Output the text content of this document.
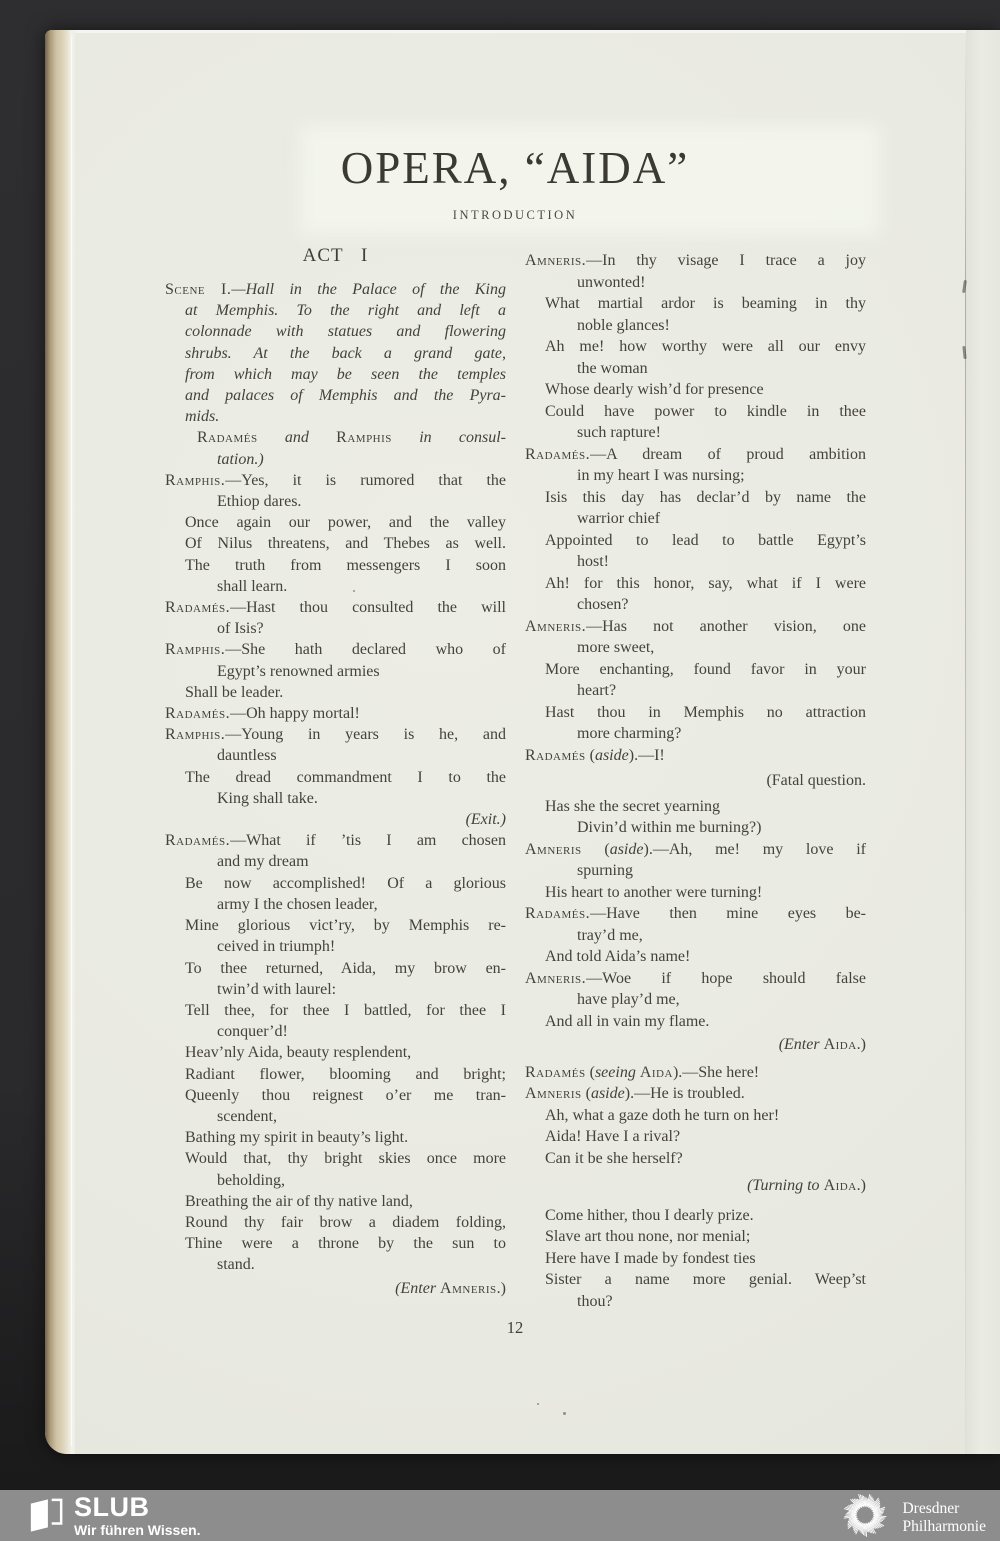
OPERA, “AIDA”
INTRODUCTION
12
ACT I
Scene I.—Hall in the Palace of the King
at Memphis. To the right and left a
colonnade with statues and flowering
shrubs. At the back a grand gate,
from which may be seen the temples
and palaces of Memphis and the Pyra-
mids.
Radamés and Ramphis in consul-
tation.)
Ramphis.—Yes, it is rumored that the
Ethiop dares.
Once again our power, and the valley
Of Nilus threatens, and Thebes as well.
The truth from messengers I soon
shall learn.
Radamés.—Hast thou consulted the will
of Isis?
Ramphis.—She hath declared who of
Egypt’s renowned armies
Shall be leader.
Radamés.—Oh happy mortal!
Ramphis.—Young in years is he, and
dauntless
The dread commandment I to the
King shall take.
(Exit.)
Radamés.—What if ’tis I am chosen
and my dream
Be now accomplished! Of a glorious
army I the chosen leader,
Mine glorious vict’ry, by Memphis re-
ceived in triumph!
To thee returned, Aida, my brow en-
twin’d with laurel:
Tell thee, for thee I battled, for thee I
conquer’d!
Heav’nly Aida, beauty resplendent,
Radiant flower, blooming and bright;
Queenly thou reignest o’er me tran-
scendent,
Bathing my spirit in beauty’s light.
Would that, thy bright skies once more
beholding,
Breathing the air of thy native land,
Round thy fair brow a diadem folding,
Thine were a throne by the sun to
stand.
(Enter Amneris.)
Amneris.—In thy visage I trace a joy
unwonted!
What martial ardor is beaming in thy
noble glances!
Ah me! how worthy were all our envy
the woman
Whose dearly wish’d for presence
Could have power to kindle in thee
such rapture!
Radamés.—A dream of proud ambition
in my heart I was nursing;
Isis this day has declar’d by name the
warrior chief
Appointed to lead to battle Egypt’s
host!
Ah! for this honor, say, what if I were
chosen?
Amneris.—Has not another vision, one
more sweet,
More enchanting, found favor in your
heart?
Hast thou in Memphis no attraction
more charming?
Radamés (aside).—I!
(Fatal question.
Has she the secret yearning
Divin’d within me burning?)
Amneris (aside).—Ah, me! my love if
spurning
His heart to another were turning!
Radamés.—Have then mine eyes be-
tray’d me,
And told Aida’s name!
Amneris.—Woe if hope should false
have play’d me,
And all in vain my flame.
(Enter Aida.)
Radamés (seeing Aida).—She here!
Amneris (aside).—He is troubled.
Ah, what a gaze doth he turn on her!
Aida! Have I a rival?
Can it be she herself?
(Turning to Aida.)
Come hither, thou I dearly prize.
Slave art thou none, nor menial;
Here have I made by fondest ties
Sister a name more genial. Weep’st
thou?
SLUB
Wir führen Wissen.
Dresdner
Philharmonie
